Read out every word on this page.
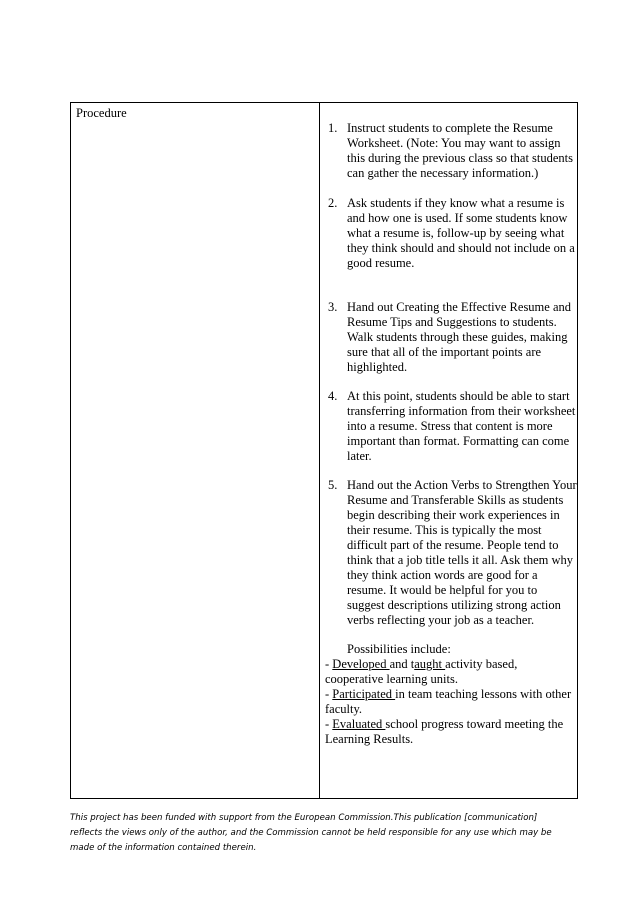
Procedure
1. Instruct students to complete the Resume Worksheet. (Note: You may want to assign this during the previous class so that students can gather the necessary information.)
2. Ask students if they know what a resume is and how one is used. If some students know what a resume is, follow-up by seeing what they think should and should not include on a good resume.
3. Hand out Creating the Effective Resume and Resume Tips and Suggestions to students. Walk students through these guides, making sure that all of the important points are highlighted.
4. At this point, students should be able to start transferring information from their worksheet into a resume. Stress that content is more important than format. Formatting can come later.
5. Hand out the Action Verbs to Strengthen Your Resume and Transferable Skills as students begin describing their work experiences in their resume. This is typically the most difficult part of the resume. People tend to think that a job title tells it all. Ask them why they think action words are good for a resume. It would be helpful for you to suggest descriptions utilizing strong action verbs reflecting your job as a teacher.
Possibilities include:
- Developed and taught activity based, cooperative learning units.
- Participated in team teaching lessons with other faculty.
- Evaluated school progress toward meeting the Learning Results.
This project has been funded with support from the European Commission.This publication [communication]
reflects the views only of the author, and the Commission cannot be held responsible for any use which may be
made of the information contained therein.
